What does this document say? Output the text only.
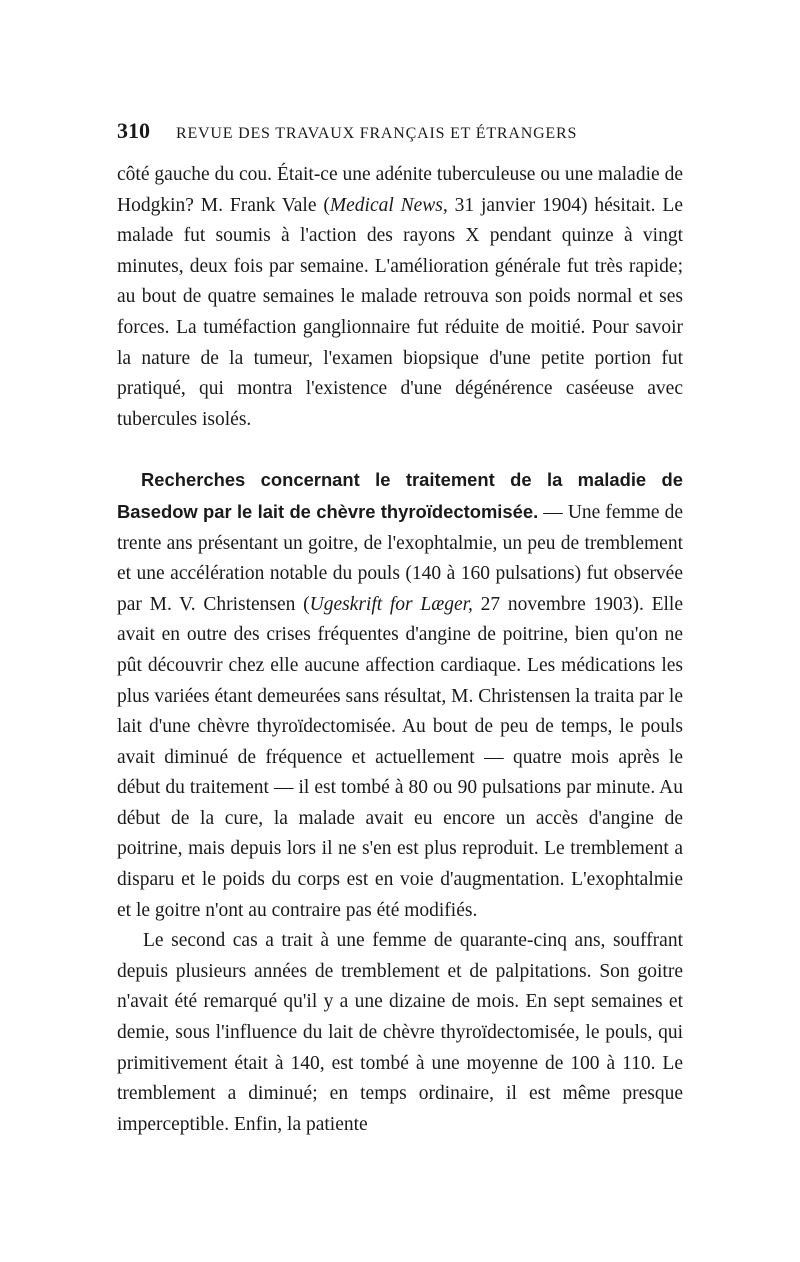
310 REVUE DES TRAVAUX FRANÇAIS ET ÉTRANGERS

côté gauche du cou. Était-ce une adénite tuberculeuse ou une maladie de Hodgkin? M. Frank Vale (Medical News, 31 janvier 1904) hésitait. Le malade fut soumis à l'action des rayons X pendant quinze à vingt minutes, deux fois par semaine. L'amélioration générale fut très rapide; au bout de quatre semaines le malade retrouva son poids normal et ses forces. La tuméfaction ganglionnaire fut réduite de moitié. Pour savoir la nature de la tumeur, l'examen biopsique d'une petite portion fut pratiqué, qui montra l'existence d'une dégénérence caséeuse avec tubercules isolés.

Recherches concernant le traitement de la maladie de Basedow par le lait de chèvre thyroïdectomisée. — Une femme de trente ans présentant un goitre, de l'exophtalmie, un peu de tremblement et une accélération notable du pouls (140 à 160 pulsations) fut observée par M. V. Christensen (Ugeskrift for Læger, 27 novembre 1903). Elle avait en outre des crises fréquentes d'angine de poitrine, bien qu'on ne pût découvrir chez elle aucune affection cardiaque. Les médications les plus variées étant demeurées sans résultat, M. Christensen la traita par le lait d'une chèvre thyroïdectomisée. Au bout de peu de temps, le pouls avait diminué de fréquence et actuellement — quatre mois après le début du traitement — il est tombé à 80 ou 90 pulsations par minute. Au début de la cure, la malade avait eu encore un accès d'angine de poitrine, mais depuis lors il ne s'en est plus reproduit. Le tremblement a disparu et le poids du corps est en voie d'augmentation. L'exophtalmie et le goitre n'ont au contraire pas été modifiés.

Le second cas a trait à une femme de quarante-cinq ans, souffrant depuis plusieurs années de tremblement et de palpitations. Son goitre n'avait été remarqué qu'il y a une dizaine de mois. En sept semaines et demie, sous l'influence du lait de chèvre thyroïdectomisée, le pouls, qui primitivement était à 140, est tombé à une moyenne de 100 à 110. Le tremblement a diminué; en temps ordinaire, il est même presque imperceptible. Enfin, la patiente
